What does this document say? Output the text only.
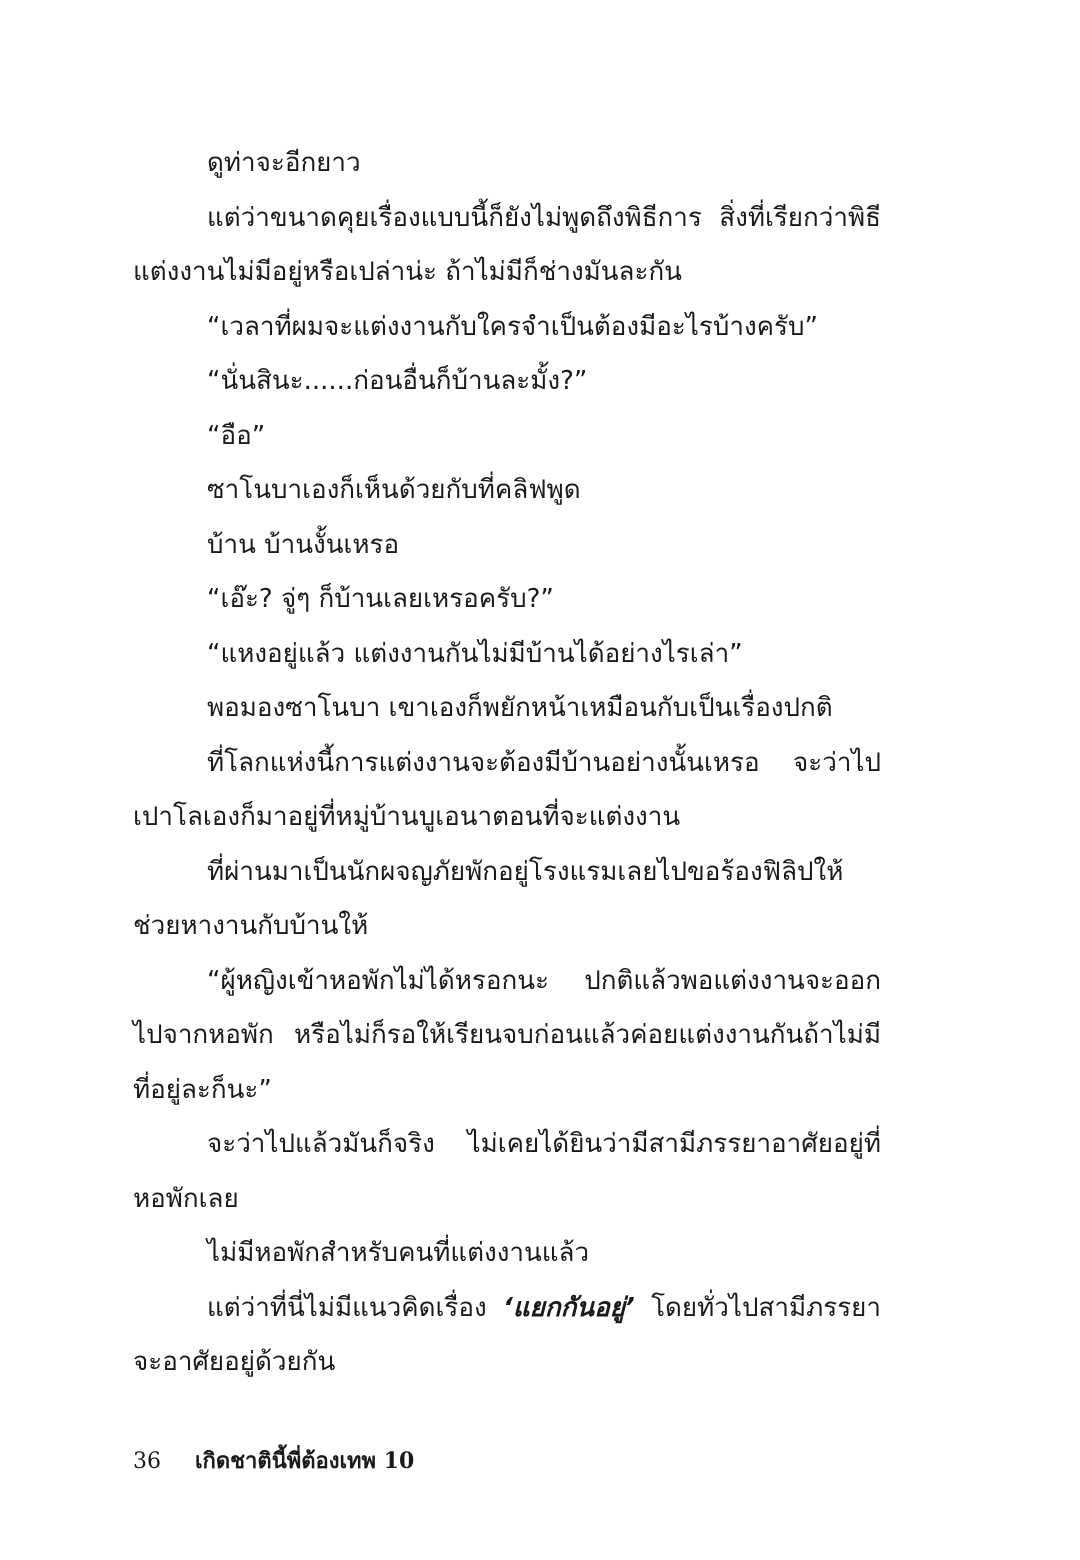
ดูท่าจะอีกยาว

แต่ว่าขนาดคุยเรื่องแบบนี้ก็ยังไม่พูดถึงพิธีการ สิ่งที่เรียกว่าพิธีแต่งงานไม่มีอยู่หรือเปล่าน่ะ ถ้าไม่มีก็ช่างมันละกัน

“เวลาที่ผมจะแต่งงานกับใครจำเป็นต้องมีอะไรบ้างครับ”

“นั่นสินะ......ก่อนอื่นก็บ้านละมั้ง?”

“อือ”

ซาโนบาเองก็เห็นด้วยกับที่คลิฟพูด

บ้าน บ้านงั้นเหรอ

“เอ๊ะ? จู่ๆ ก็บ้านเลยเหรอครับ?”

“แหงอยู่แล้ว แต่งงานกันไม่มีบ้านได้อย่างไรเล่า”

พอมองซาโนบา เขาเองก็พยักหน้าเหมือนกับเป็นเรื่องปกติ

ที่โลกแห่งนี้การแต่งงานจะต้องมีบ้านอย่างนั้นเหรอ จะว่าไปเปาโลเองก็มาอยู่ที่หมู่บ้านบูเอนาตอนที่จะแต่งงาน

ที่ผ่านมาเป็นนักผจญภัยพักอยู่โรงแรมเลยไปขอร้องฟิลิปให้ช่วยหางานกับบ้านให้

“ผู้หญิงเข้าหอพักไม่ได้หรอกนะ ปกติแล้วพอแต่งงานจะออกไปจากหอพัก หรือไม่ก็รอให้เรียนจบก่อนแล้วค่อยแต่งงานกันถ้าไม่มีที่อยู่ละก็นะ”

จะว่าไปแล้วมันก็จริง ไม่เคยได้ยินว่ามีสามีภรรยาอาศัยอยู่ที่หอพักเลย

ไม่มีหอพักสำหรับคนที่แต่งงานแล้ว

แต่ว่าที่นี่ไม่มีแนวคิดเรื่อง ‘แยกกันอยู่’ โดยทั่วไปสามีภรรยาจะอาศัยอยู่ด้วยกัน

36 เกิดชาตินี้พี่ต้องเทพ 10
